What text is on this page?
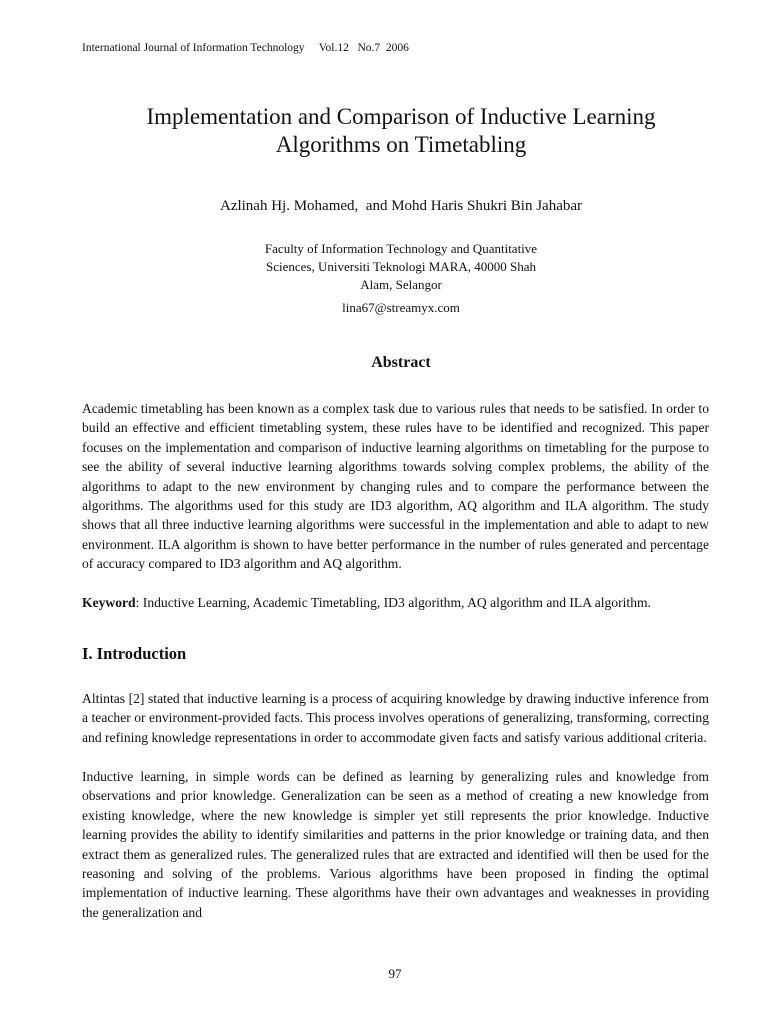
International Journal of Information Technology Vol.12   No.7  2006
Implementation and Comparison of Inductive Learning
Algorithms on Timetabling
Azlinah Hj. Mohamed,  and Mohd Haris Shukri Bin Jahabar
Faculty of Information Technology and Quantitative
Sciences, Universiti Teknologi MARA, 40000 Shah
Alam, Selangor
lina67@streamyx.com
Abstract

Academic timetabling has been known as a complex task due to various rules that needs to be satisfied. In order to build an effective and efficient timetabling system, these rules have to be identified and recognized. This paper focuses on the implementation and comparison of inductive learning algorithms on timetabling for the purpose to see the ability of several inductive learning algorithms towards solving complex problems, the ability of the algorithms to adapt to the new environment by changing rules and to compare the performance between the algorithms. The algorithms used for this study are ID3 algorithm, AQ algorithm and ILA algorithm. The study shows that all three inductive learning algorithms were successful in the implementation and able to adapt to new environment. ILA algorithm is shown to have better performance in the number of rules generated and percentage of accuracy compared to ID3 algorithm and AQ algorithm.

Keyword: Inductive Learning, Academic Timetabling, ID3 algorithm, AQ algorithm and ILA algorithm.

I. Introduction

Altintas [2] stated that inductive learning is a process of acquiring knowledge by drawing inductive inference from a teacher or environment-provided facts. This process involves operations of generalizing, transforming, correcting and refining knowledge representations in order to accommodate given facts and satisfy various additional criteria.

Inductive learning, in simple words can be defined as learning by generalizing rules and knowledge from observations and prior knowledge. Generalization can be seen as a method of creating a new knowledge from existing knowledge, where the new knowledge is simpler yet still represents the prior knowledge. Inductive learning provides the ability to identify similarities and patterns in the prior knowledge or training data, and then extract them as generalized rules. The generalized rules that are extracted and identified will then be used for the reasoning and solving of the problems. Various algorithms have been proposed in finding the optimal implementation of inductive learning. These algorithms have their own advantages and weaknesses in providing the generalization and

97
